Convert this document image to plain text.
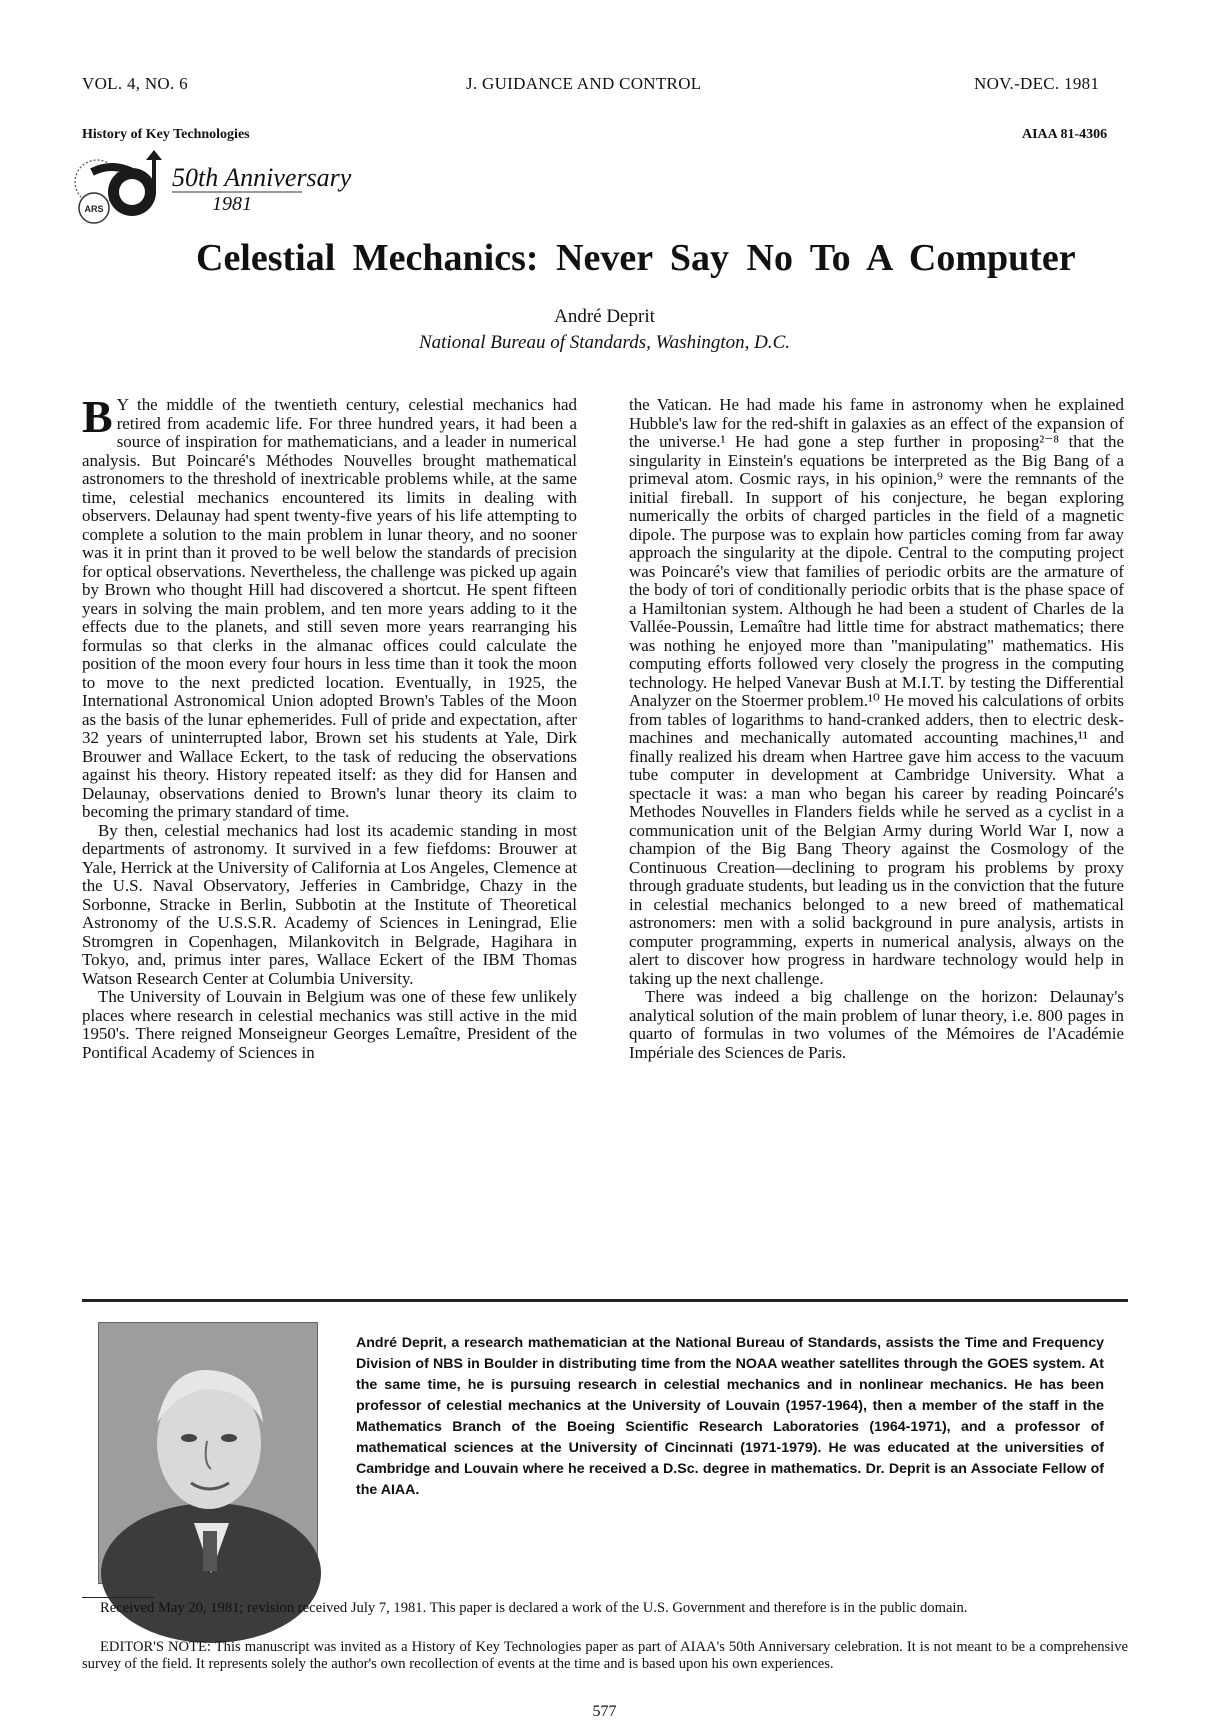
VOL. 4, NO. 6	J. GUIDANCE AND CONTROL	NOV.-DEC. 1981
History of Key Technologies	AIAA 81-4306
ARS
50th Anniversary
1981
Celestial Mechanics: Never Say No To A Computer
André Deprit
National Bureau of Standards, Washington, D.C.

B Y the middle of the twentieth century, celestial mechanics had retired from academic life. For three hundred years, it had been a source of inspiration for mathematicians, and a leader in numerical analysis. But Poincaré's Méthodes Nouvelles brought mathematical astronomers to the threshold of inextricable problems while, at the same time, celestial mechanics encountered its limits in dealing with observers. Delaunay had spent twenty-five years of his life attempting to complete a solution to the main problem in lunar theory, and no sooner was it in print than it proved to be well below the standards of precision for optical observations. Nevertheless, the challenge was picked up again by Brown who thought Hill had discovered a shortcut. He spent fifteen years in solving the main problem, and ten more years adding to it the effects due to the planets, and still seven more years rearranging his formulas so that clerks in the almanac offices could calculate the position of the moon every four hours in less time than it took the moon to move to the next predicted location. Eventually, in 1925, the International Astronomical Union adopted Brown's Tables of the Moon as the basis of the lunar ephemerides. Full of pride and expectation, after 32 years of uninterrupted labor, Brown set his students at Yale, Dirk Brouwer and Wallace Eckert, to the task of reducing the observations against his theory. History repeated itself: as they did for Hansen and Delaunay, observations denied to Brown's lunar theory its claim to becoming the primary standard of time.

By then, celestial mechanics had lost its academic standing in most departments of astronomy. It survived in a few fiefdoms: Brouwer at Yale, Herrick at the University of California at Los Angeles, Clemence at the U.S. Naval Observatory, Jefferies in Cambridge, Chazy in the Sorbonne, Stracke in Berlin, Subbotin at the Institute of Theoretical Astronomy of the U.S.S.R. Academy of Sciences in Leningrad, Elie Stromgren in Copenhagen, Milankovitch in Belgrade, Hagihara in Tokyo, and, primus inter pares, Wallace Eckert of the IBM Thomas Watson Research Center at Columbia University.

The University of Louvain in Belgium was one of these few unlikely places where research in celestial mechanics was still active in the mid 1950's. There reigned Monseigneur Georges Lemaître, President of the Pontifical Academy of Sciences in

the Vatican. He had made his fame in astronomy when he explained Hubble's law for the red-shift in galaxies as an effect of the expansion of the universe.¹ He had gone a step further in proposing²⁻⁸ that the singularity in Einstein's equations be interpreted as the Big Bang of a primeval atom. Cosmic rays, in his opinion,⁹ were the remnants of the initial fireball. In support of his conjecture, he began exploring numerically the orbits of charged particles in the field of a magnetic dipole. The purpose was to explain how particles coming from far away approach the singularity at the dipole. Central to the computing project was Poincaré's view that families of periodic orbits are the armature of the body of tori of conditionally periodic orbits that is the phase space of a Hamiltonian system. Although he had been a student of Charles de la Vallée-Poussin, Lemaître had little time for abstract mathematics; there was nothing he enjoyed more than "manipulating" mathematics. His computing efforts followed very closely the progress in the computing technology. He helped Vanevar Bush at M.I.T. by testing the Differential Analyzer on the Stoermer problem.¹⁰ He moved his calculations of orbits from tables of logarithms to hand-cranked adders, then to electric desk-machines and mechanically automated accounting machines,¹¹ and finally realized his dream when Hartree gave him access to the vacuum tube computer in development at Cambridge University. What a spectacle it was: a man who began his career by reading Poincaré's Methodes Nouvelles in Flanders fields while he served as a cyclist in a communication unit of the Belgian Army during World War I, now a champion of the Big Bang Theory against the Cosmology of the Continuous Creation—declining to program his problems by proxy through graduate students, but leading us in the conviction that the future in celestial mechanics belonged to a new breed of mathematical astronomers: men with a solid background in pure analysis, artists in computer programming, experts in numerical analysis, always on the alert to discover how progress in hardware technology would help in taking up the next challenge.

There was indeed a big challenge on the horizon: Delaunay's analytical solution of the main problem of lunar theory, i.e. 800 pages in quarto of formulas in two volumes of the Mémoires de l'Académie Impériale des Sciences de Paris.

André Deprit, a research mathematician at the National Bureau of Standards, assists the Time and Frequency Division of NBS in Boulder in distributing time from the NOAA weather satellites through the GOES system. At the same time, he is pursuing research in celestial mechanics and in nonlinear mechanics. He has been professor of celestial mechanics at the University of Louvain (1957-1964), then a member of the staff in the Mathematics Branch of the Boeing Scientific Research Laboratories (1964-1971), and a professor of mathematical sciences at the University of Cincinnati (1971-1979). He was educated at the universities of Cambridge and Louvain where he received a D.Sc. degree in mathematics. Dr. Deprit is an Associate Fellow of the AIAA.
Received May 20, 1981; revision received July 7, 1981. This paper is declared a work of the U.S. Government and therefore is in the public domain.
EDITOR'S NOTE: This manuscript was invited as a History of Key Technologies paper as part of AIAA's 50th Anniversary celebration. It is not meant to be a comprehensive survey of the field. It represents solely the author's own recollection of events at the time and is based upon his own experiences.
577
